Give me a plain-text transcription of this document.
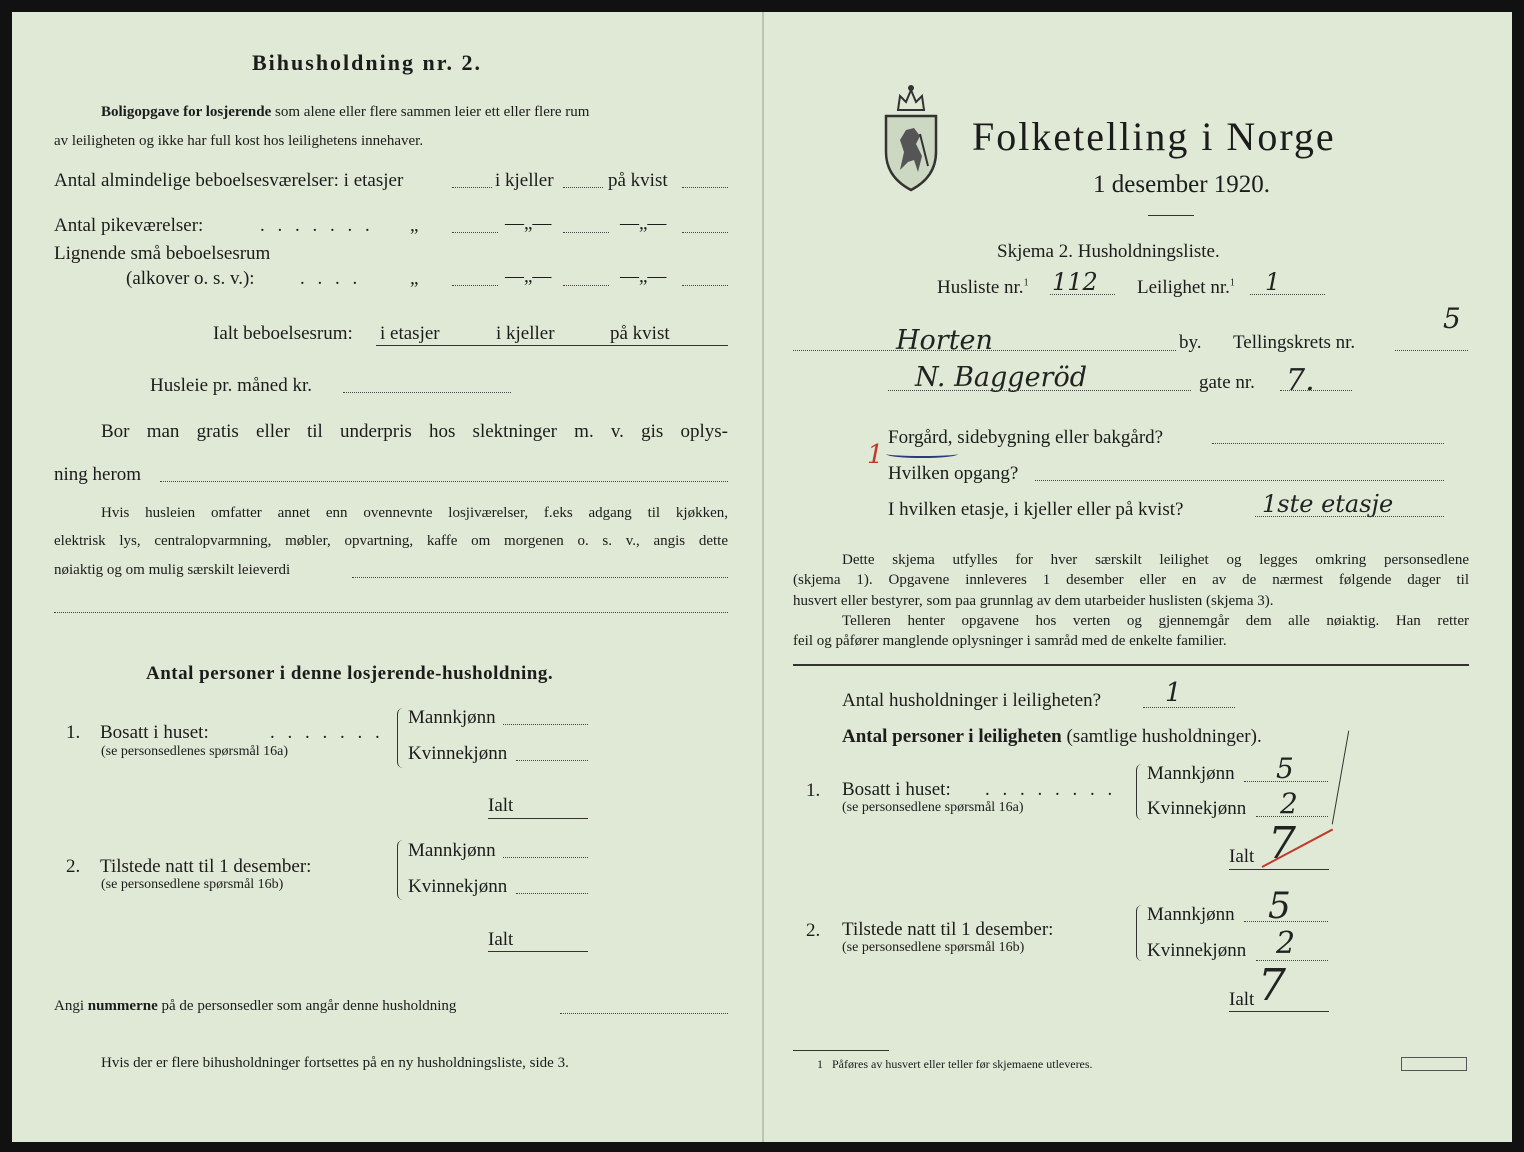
Bihusholdning nr. 2.
Boligopgave for losjerende som alene eller flere sammen leier ett eller flere rum
av leiligheten og ikke har full kost hos leilighetens innehaver.
Antal almindelige beboelsesværelser: i etasjer	i kjeller	på kvist
Antal pikeværelser:	. . . . . . . „	—„—	—„—
Lignende små beboelsesrum
(alkover o. s. v.): . . . .	„	—„—	—„—
Ialt beboelsesrum: i etasjer	i kjeller	på kvist
Husleie pr. måned kr.
Bor man gratis eller til underpris hos slektninger m. v. gis oplys-
ning herom
Hvis husleien omfatter annet enn ovennevnte losjiværelser, f.eks adgang til kjøkken,
elektrisk lys, centralopvarmning, møbler, opvartning, kaffe om morgenen o. s. v., angis dette
nøiaktig og om mulig særskilt leieverdi
Antal personer i denne losjerende-husholdning.
1. Bosatt i huset:	. . . . . . .
(se personsedlenes spørsmål 16a)
Mannkjønn
Kvinnekjønn
Ialt
2. Tilstede natt til 1 desember:
(se personsedlene spørsmål 16b)
Mannkjønn
Kvinnekjønn
Ialt
Angi nummerne på de personsedler som angår denne husholdning
Hvis der er flere bihusholdninger fortsettes på en ny husholdningsliste, side 3.
Folketelling i Norge
1 desember 1920.
Skjema 2. Husholdningsliste.
Husliste nr.$^1$ 112 Leilighet nr.$^1$ 1
Horten	by. Tellingskrets nr.
5
N. Baggeröd	gate nr. 7.
1
Forgård, sidebygning eller bakgård?
Hvilken opgang?
I hvilken etasje, i kjeller eller på kvist?	1ste etasje
Dette skjema utfylles for hver særskilt leilighet og legges omkring personsedlene
(skjema 1). Opgavene innleveres 1 desember eller en av de nærmest følgende dager til
husvert eller bestyrer, som paa grunnlag av dem utarbeider huslisten (skjema 3).
Telleren henter opgavene hos verten og gjennemgår dem alle nøiaktig. Han retter
feil og påfører manglende oplysninger i samråd med de enkelte familier.
Antal husholdninger i leiligheten? 1
Antal personer i leiligheten (samtlige husholdninger).
1. Bosatt i huset: . . . . . . . .
(se personsedlene spørsmål 16a)
Mannkjønn 5
Kvinnekjønn 2
Ialt 7
2. Tilstede natt til 1 desember:
(se personsedlene spørsmål 16b)
Mannkjønn 5
Kvinnekjønn 2
Ialt 7
1 Påføres av husvert eller teller før skjemaene utleveres.
